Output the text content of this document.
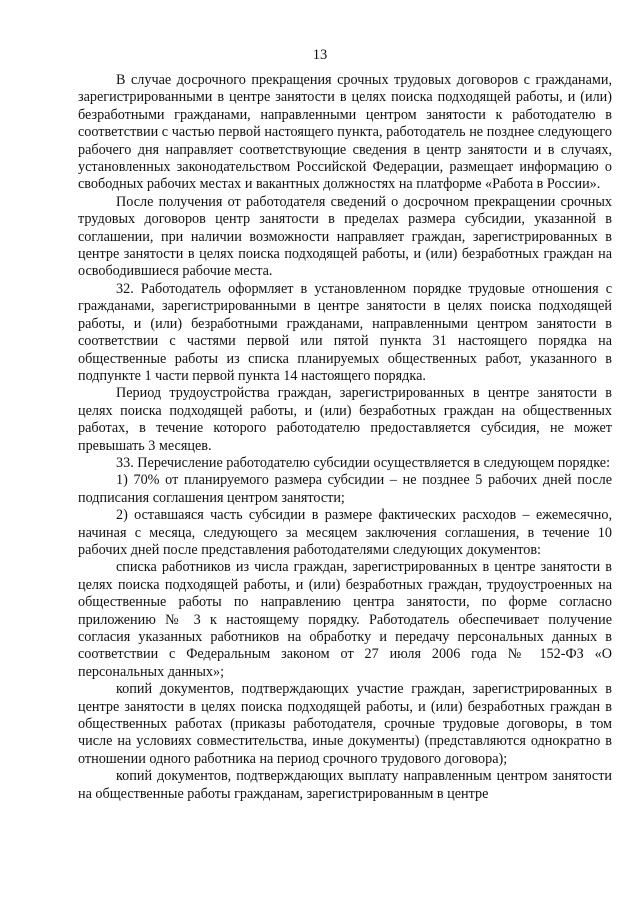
13

В случае досрочного прекращения срочных трудовых договоров с гражданами, зарегистрированными в центре занятости в целях поиска подходящей работы, и (или) безработными гражданами, направленными центром занятости к работодателю в соответствии с частью первой настоящего пункта, работодатель не позднее следующего рабочего дня направляет соответствующие сведения в центр занятости и в случаях, установленных законодательством Российской Федерации, размещает информацию о свободных рабочих местах и вакантных должностях на платформе «Работа в России».

После получения от работодателя сведений о досрочном прекращении срочных трудовых договоров центр занятости в пределах размера субсидии, указанной в соглашении, при наличии возможности направляет граждан, зарегистрированных в центре занятости в целях поиска подходящей работы, и (или) безработных граждан на освободившиеся рабочие места.

32. Работодатель оформляет в установленном порядке трудовые отношения с гражданами, зарегистрированными в центре занятости в целях поиска подходящей работы, и (или) безработными гражданами, направленными центром занятости в соответствии с частями первой или пятой пункта 31 настоящего порядка на общественные работы из списка планируемых общественных работ, указанного в подпункте 1 части первой пункта 14 настоящего порядка.

Период трудоустройства граждан, зарегистрированных в центре занятости в целях поиска подходящей работы, и (или) безработных граждан на общественных работах, в течение которого работодателю предоставляется субсидия, не может превышать 3 месяцев.

33. Перечисление работодателю субсидии осуществляется в следующем порядке:

1) 70% от планируемого размера субсидии – не позднее 5 рабочих дней после подписания соглашения центром занятости;

2) оставшаяся часть субсидии в размере фактических расходов – ежемесячно, начиная с месяца, следующего за месяцем заключения соглашения, в течение 10 рабочих дней после представления работодателями следующих документов:

списка работников из числа граждан, зарегистрированных в центре занятости в целях поиска подходящей работы, и (или) безработных граждан, трудоустроенных на общественные работы по направлению центра занятости, по форме согласно приложению № 3 к настоящему порядку. Работодатель обеспечивает получение согласия указанных работников на обработку и передачу персональных данных в соответствии с Федеральным законом от 27 июля 2006 года № 152-ФЗ «О персональных данных»;

копий документов, подтверждающих участие граждан, зарегистрированных в центре занятости в целях поиска подходящей работы, и (или) безработных граждан в общественных работах (приказы работодателя, срочные трудовые договоры, в том числе на условиях совместительства, иные документы) (представляются однократно в отношении одного работника на период срочного трудового договора);

копий документов, подтверждающих выплату направленным центром занятости на общественные работы гражданам, зарегистрированным в центре
